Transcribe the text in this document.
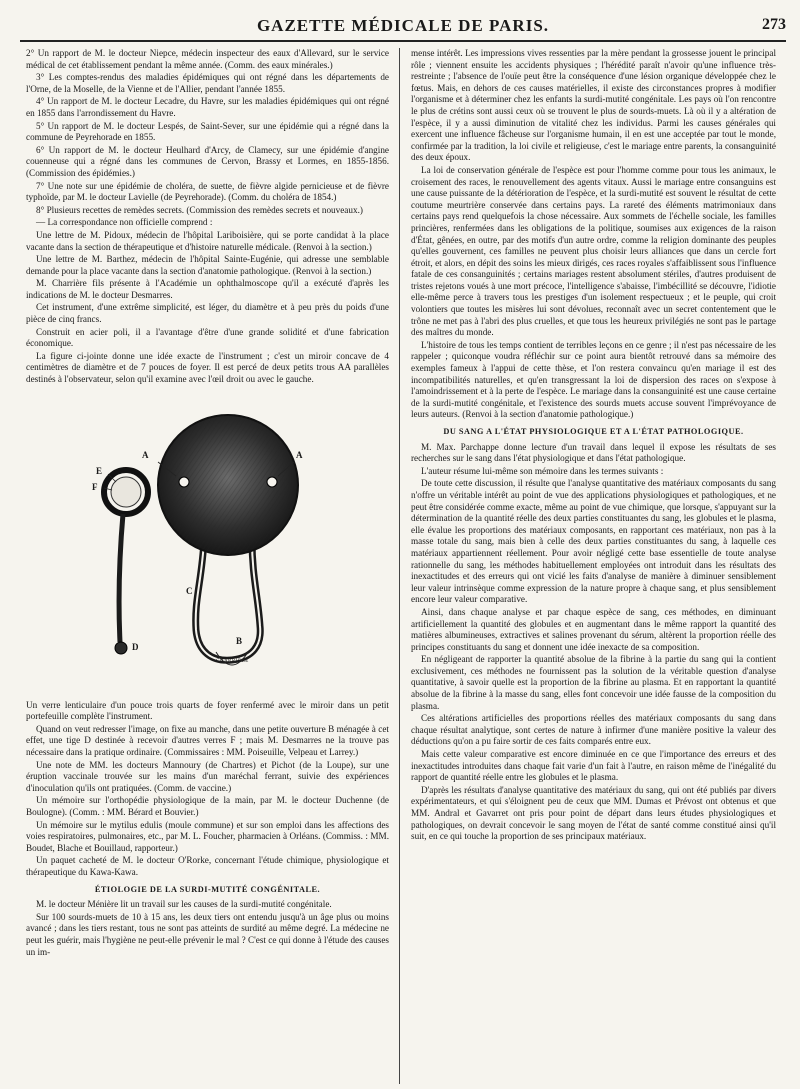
GAZETTE MÉDICALE DE PARIS.	273

2° Un rapport de M. le docteur Niepce, médecin inspecteur des eaux d'Allevard, sur le service médical de cet établissement pendant la même année. (Comm. des eaux minérales.)

3° Les comptes-rendus des maladies épidémiques qui ont régné dans les départements de l'Orne, de la Moselle, de la Vienne et de l'Allier, pendant l'année 1855.

4° Un rapport de M. le docteur Lecadre, du Havre, sur les maladies épidémiques qui ont régné en 1855 dans l'arrondissement du Havre.

5° Un rapport de M. le docteur Lespés, de Saint-Sever, sur une épidémie qui a régné dans la commune de Peyrehorade en 1855.

6° Un rapport de M. le docteur Heulhard d'Arcy, de Clamecy, sur une épidémie d'angine couenneuse qui a régné dans les communes de Cervon, Brassy et Lormes, en 1855-1856. (Commission des épidémies.)

7° Une note sur une épidémie de choléra, de suette, de fièvre algide pernicieuse et de fièvre typhoïde, par M. le docteur Lavielle (de Peyrehorade). (Comm. du choléra de 1854.)

8° Plusieurs recettes de remèdes secrets. (Commission des remèdes secrets et nouveaux.)

— La correspondance non officielle comprend :

Une lettre de M. Pidoux, médecin de l'hôpital Lariboisière, qui se porte candidat à la place vacante dans la section de thérapeutique et d'histoire naturelle médicale. (Renvoi à la section.)

Une lettre de M. Barthez, médecin de l'hôpital Sainte-Eugénie, qui adresse une semblable demande pour la place vacante dans la section d'anatomie pathologique. (Renvoi à la section.)

M. Charrière fils présente à l'Académie un ophthalmoscope qu'il a exécuté d'après les indications de M. le docteur Desmarres.

Cet instrument, d'une extrême simplicité, est léger, du diamètre et à peu près du poids d'une pièce de cinq francs.

Construit en acier poli, il a l'avantage d'être d'une grande solidité et d'une fabrication économique.

La figure ci-jointe donne une idée exacte de l'instrument ; c'est un miroir concave de 4 centimètres de diamètre et de 7 pouces de foyer. Il est percé de deux petits trous AA parallèles destinés à l'observateur, selon qu'il examine avec l'œil droit ou avec le gauche.

A	A
B
C
D
E
F
CHARRIÈRE

Un verre lenticulaire d'un pouce trois quarts de foyer renfermé avec le miroir dans un petit portefeuille complète l'instrument.

Quand on veut redresser l'image, on fixe au manche, dans une petite ouverture B ménagée à cet effet, une tige D destinée à recevoir d'autres verres F ; mais M. Desmarres ne la trouve pas nécessaire dans la pratique ordinaire. (Commissaires : MM. Poiseuille, Velpeau et Larrey.)

Une note de MM. les docteurs Mannoury (de Chartres) et Pichot (de la Loupe), sur une éruption vaccinale trouvée sur les mains d'un maréchal ferrant, suivie des expériences d'inoculation qu'ils ont pratiquées. (Comm. de vaccine.)

Un mémoire sur l'orthopédie physiologique de la main, par M. le docteur Duchenne (de Boulogne). (Comm. : MM. Bérard et Bouvier.)

Un mémoire sur le mytilus edulis (moule commune) et sur son emploi dans les affections des voies respiratoires, pulmonaires, etc., par M. L. Foucher, pharmacien à Orléans. (Commiss. : MM. Boudet, Blache et Bouillaud, rapporteur.)

Un paquet cacheté de M. le docteur O'Rorke, concernant l'étude chimique, physiologique et thérapeutique du Kawa-Kawa.

ÉTIOLOGIE DE LA SURDI-MUTITÉ CONGÉNITALE.

M. le docteur Ménière lit un travail sur les causes de la surdi-mutité congénitale.

Sur 100 sourds-muets de 10 à 15 ans, les deux tiers ont entendu jusqu'à un âge plus ou moins avancé ; dans les tiers restant, tous ne sont pas atteints de surdité au même degré. La médecine ne peut les guérir, mais l'hygiène ne peut-elle prévenir le mal ? C'est ce qui donne à l'étude des causes un im-

mense intérêt. Les impressions vives ressenties par la mère pendant la grossesse jouent le principal rôle ; viennent ensuite les accidents physiques ; l'hérédité paraît n'avoir qu'une influence très-restreinte ; l'absence de l'ouïe peut être la conséquence d'une lésion organique développée chez le fœtus. Mais, en dehors de ces causes matérielles, il existe des circonstances propres à modifier l'organisme et à déterminer chez les enfants la surdi-mutité congénitale. Les pays où l'on rencontre le plus de crétins sont aussi ceux où se trouvent le plus de sourds-muets. Là où il y a altération de l'espèce, il y a aussi diminution de vitalité chez les individus. Parmi les causes générales qui exercent une influence fâcheuse sur l'organisme humain, il en est une acceptée par tout le monde, confirmée par la tradition, la loi civile et religieuse, c'est le mariage entre parents, la consanguinité des deux époux.

La loi de conservation générale de l'espèce est pour l'homme comme pour tous les animaux, le croisement des races, le renouvellement des agents vitaux. Aussi le mariage entre consanguins est une cause puissante de la détérioration de l'espèce, et la surdi-mutité est souvent le résultat de cette coutume meurtrière conservée dans certains pays. La rareté des éléments matrimoniaux dans certains pays rend quelquefois la chose nécessaire. Aux sommets de l'échelle sociale, les familles princières, renfermées dans les obligations de la politique, soumises aux exigences de la raison d'État, gênées, en outre, par des motifs d'un autre ordre, comme la religion dominante des peuples qu'elles gouvernent, ces familles ne peuvent plus choisir leurs alliances que dans un cercle fort étroit, et alors, en dépit des soins les mieux dirigés, ces races royales s'affaiblissent sous l'influence fatale de ces consanguinités ; certains mariages restent absolument stériles, d'autres produisent de tristes rejetons voués à une mort précoce, l'intelligence s'abaisse, l'imbécillité se découvre, l'idiotie elle-même perce à travers tous les prestiges d'un isolement respectueux ; et le peuple, qui croit volontiers que toutes les misères lui sont dévolues, reconnaît avec un secret contentement que le trône ne met pas à l'abri des plus cruelles, et que tous les heureux privilégiés ne sont pas le partage des maîtres du monde.

L'histoire de tous les temps contient de terribles leçons en ce genre ; il n'est pas nécessaire de les rappeler ; quiconque voudra réfléchir sur ce point aura bientôt retrouvé dans sa mémoire des exemples fameux à l'appui de cette thèse, et l'on restera convaincu qu'en mariage il est des incompatibilités naturelles, et qu'en transgressant la loi de dispersion des races on s'expose à l'amoindrissement et à la perte de l'espèce. Le mariage dans la consanguinité est une cause certaine de la surdi-mutité congénitale, et l'existence des sourds muets accuse souvent l'imprévoyance de leurs auteurs. (Renvoi à la section d'anatomie pathologique.)

DU SANG A L'ÉTAT PHYSIOLOGIQUE ET A L'ÉTAT PATHOLOGIQUE.

M. Max. Parchappe donne lecture d'un travail dans lequel il expose les résultats de ses recherches sur le sang dans l'état physiologique et dans l'état pathologique.

L'auteur résume lui-même son mémoire dans les termes suivants :

De toute cette discussion, il résulte que l'analyse quantitative des matériaux composants du sang n'offre un véritable intérêt au point de vue des applications physiologiques et pathologiques, et ne peut être considérée comme exacte, même au point de vue chimique, que lorsque, s'appuyant sur la détermination de la quantité réelle des deux parties constituantes du sang, les globules et le plasma, elle évalue les proportions des matériaux composants, en rapportant ces matériaux, non pas à la masse totale du sang, mais bien à celle des deux parties constituantes du sang, à laquelle ces matériaux appartiennent réellement. Pour avoir négligé cette base essentielle de toute analyse rationnelle du sang, les méthodes habituellement employées ont introduit dans les résultats des inexactitudes et des erreurs qui ont vicié les faits d'analyse de manière à diminuer sensiblement leur valeur intrinsèque comme expression de la nature propre à chaque sang, et plus sensiblement encore leur valeur comparative.

Ainsi, dans chaque analyse et par chaque espèce de sang, ces méthodes, en diminuant artificiellement la quantité des globules et en augmentant dans le même rapport la quantité des matières albumineuses, extractives et salines provenant du sérum, altèrent la proportion réelle des principes constituants du sang et donnent une idée inexacte de sa composition.

En négligeant de rapporter la quantité absolue de la fibrine à la partie du sang qui la contient exclusivement, ces méthodes ne fournissent pas la solution de la véritable question d'analyse quantitative, à savoir quelle est la proportion de la fibrine au plasma. Et en rapportant la quantité absolue de la fibrine à la masse du sang, elles font concevoir une idée fausse de la composition du plasma.

Ces altérations artificielles des proportions réelles des matériaux composants du sang dans chaque résultat analytique, sont certes de nature à infirmer d'une manière positive la valeur des déductions qu'on a pu faire sortir de ces faits comparés entre eux.

Mais cette valeur comparative est encore diminuée en ce que l'importance des erreurs et des inexactitudes introduites dans chaque fait varie d'un fait à l'autre, en raison même de l'inégalité du rapport de quantité réelle entre les globules et le plasma.

D'après les résultats d'analyse quantitative des matériaux du sang, qui ont été publiés par divers expérimentateurs, et qui s'éloignent peu de ceux que MM. Dumas et Prévost ont obtenus et que MM. Andral et Gavarret ont pris pour point de départ dans leurs études physiologiques et pathologiques, on devrait concevoir le sang moyen de l'état de santé comme constitué ainsi qu'il suit, en ce qui touche la proportion de ses principaux matériaux.
